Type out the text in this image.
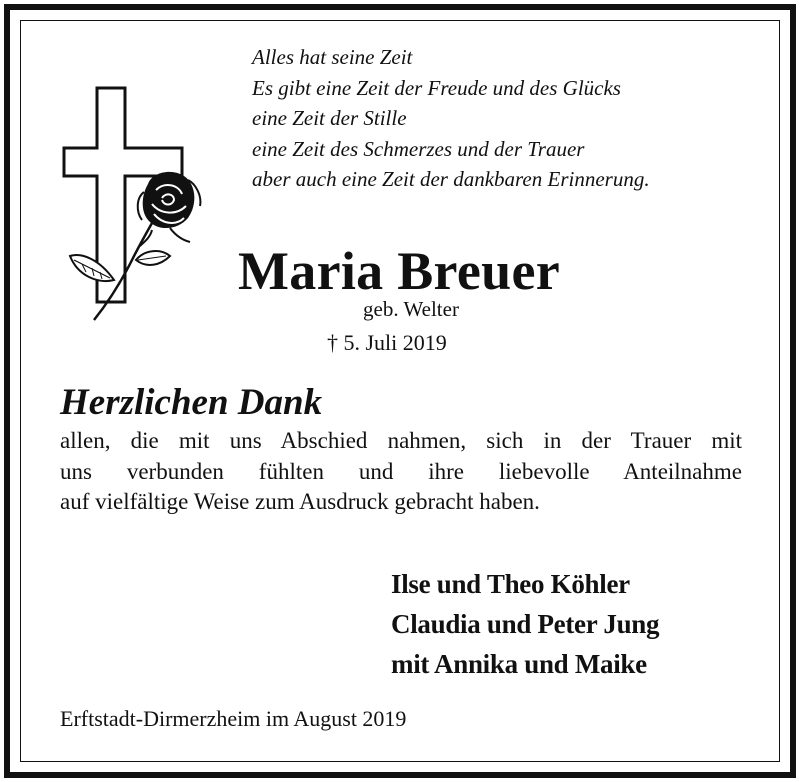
Alles hat seine Zeit
Es gibt eine Zeit der Freude und des Glücks
eine Zeit der Stille
eine Zeit des Schmerzes und der Trauer
aber auch eine Zeit der dankbaren Erinnerung.
Maria Breuer
geb. Welter
† 5. Juli 2019
Herzlichen Dank
allen, die mit uns Abschied nahmen, sich in der Trauer mit
uns verbunden fühlten und ihre liebevolle Anteilnahme
auf vielfältige Weise zum Ausdruck gebracht haben.
Ilse und Theo Köhler
Claudia und Peter Jung
mit Annika und Maike
Erftstadt-Dirmerzheim im August 2019
